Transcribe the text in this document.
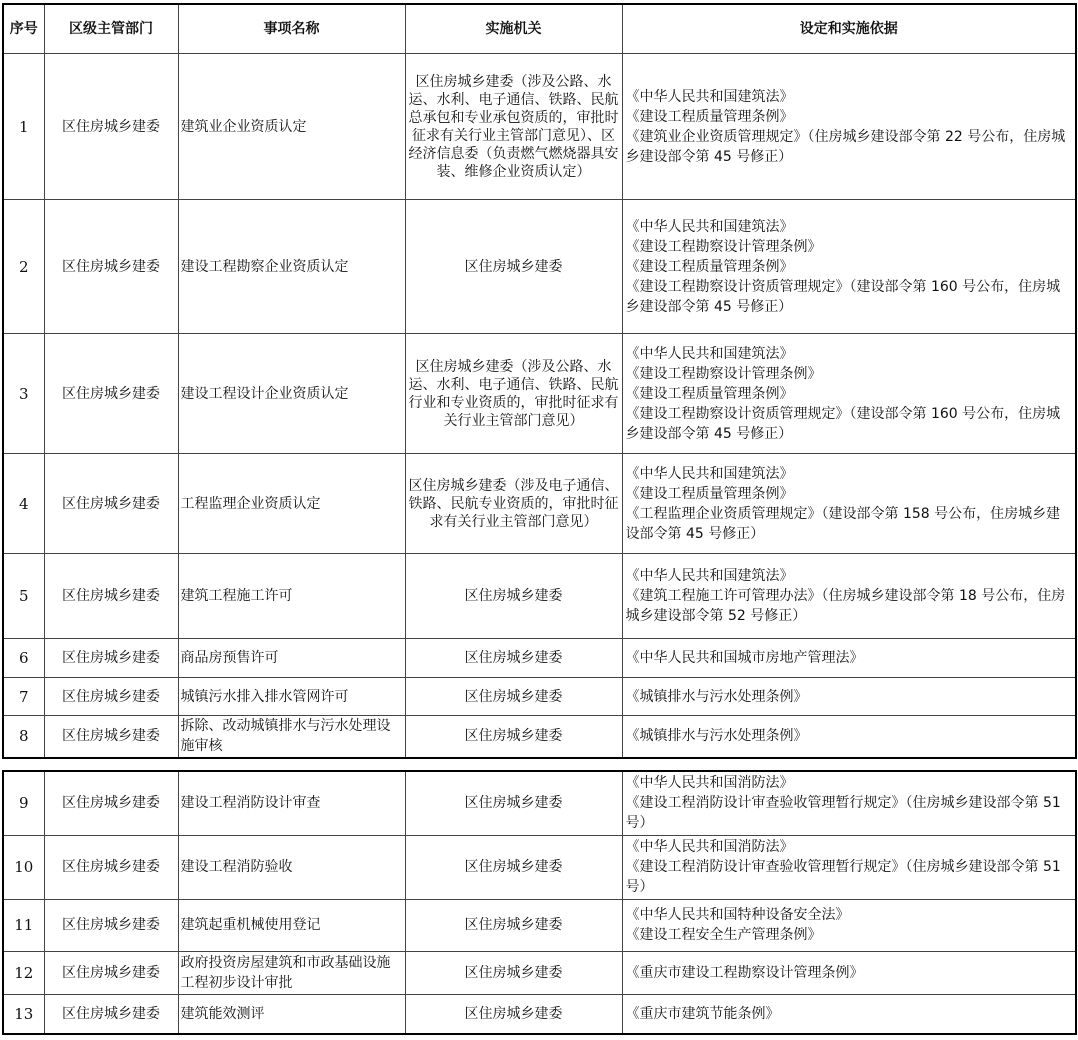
序号	区级主管部门	事项名称	实施机关	设定和实施依据
1	区住房城乡建委	建筑业企业资质认定	区住房城乡建委（涉及公路、水运、水利、电子通信、铁路、民航总承包和专业承包资质的，审批时征求有关行业主管部门意见）、区经济信息委（负责燃气燃烧器具安装、维修企业资质认定）	《中华人民共和国建筑法》
《建设工程质量管理条例》
《建筑业企业资质管理规定》（住房城乡建设部令第 22 号公布，住房城乡建设部令第 45 号修正）

2	区住房城乡建委	建设工程勘察企业资质认定	区住房城乡建委	《中华人民共和国建筑法》
《建设工程勘察设计管理条例》
《建设工程质量管理条例》
《建设工程勘察设计资质管理规定》（建设部令第 160 号公布，住房城乡建设部令第 45 号修正）

3	区住房城乡建委	建设工程设计企业资质认定	区住房城乡建委（涉及公路、水运、水利、电子通信、铁路、民航行业和专业资质的，审批时征求有关行业主管部门意见）	《中华人民共和国建筑法》
《建设工程勘察设计管理条例》
《建设工程质量管理条例》
《建设工程勘察设计资质管理规定》（建设部令第 160 号公布，住房城乡建设部令第 45 号修正）

4	区住房城乡建委	工程监理企业资质认定	区住房城乡建委（涉及电子通信、铁路、民航专业资质的，审批时征求有关行业主管部门意见）	《中华人民共和国建筑法》
《建设工程质量管理条例》
《工程监理企业资质管理规定》（建设部令第 158 号公布，住房城乡建设部令第 45 号修正）

5	区住房城乡建委	建筑工程施工许可	区住房城乡建委	《中华人民共和国建筑法》
《建筑工程施工许可管理办法》（住房城乡建设部令第 18 号公布，住房城乡建设部令第 52 号修正）

6	区住房城乡建委	商品房预售许可	区住房城乡建委	《中华人民共和国城市房地产管理法》

7	区住房城乡建委	城镇污水排入排水管网许可	区住房城乡建委	《城镇排水与污水处理条例》

8	区住房城乡建委	拆除、改动城镇排水与污水处理设施审核	区住房城乡建委	《城镇排水与污水处理条例》
9	区住房城乡建委	建设工程消防设计审查	区住房城乡建委	《中华人民共和国消防法》
《建设工程消防设计审查验收管理暂行规定》（住房城乡建设部令第 51 号）

10	区住房城乡建委	建设工程消防验收	区住房城乡建委	《中华人民共和国消防法》
《建设工程消防设计审查验收管理暂行规定》（住房城乡建设部令第 51 号）

11	区住房城乡建委	建筑起重机械使用登记	区住房城乡建委	《中华人民共和国特种设备安全法》
《建设工程安全生产管理条例》

12	区住房城乡建委	政府投资房屋建筑和市政基础设施工程初步设计审批	区住房城乡建委	《重庆市建设工程勘察设计管理条例》

13	区住房城乡建委	建筑能效测评	区住房城乡建委	《重庆市建筑节能条例》
